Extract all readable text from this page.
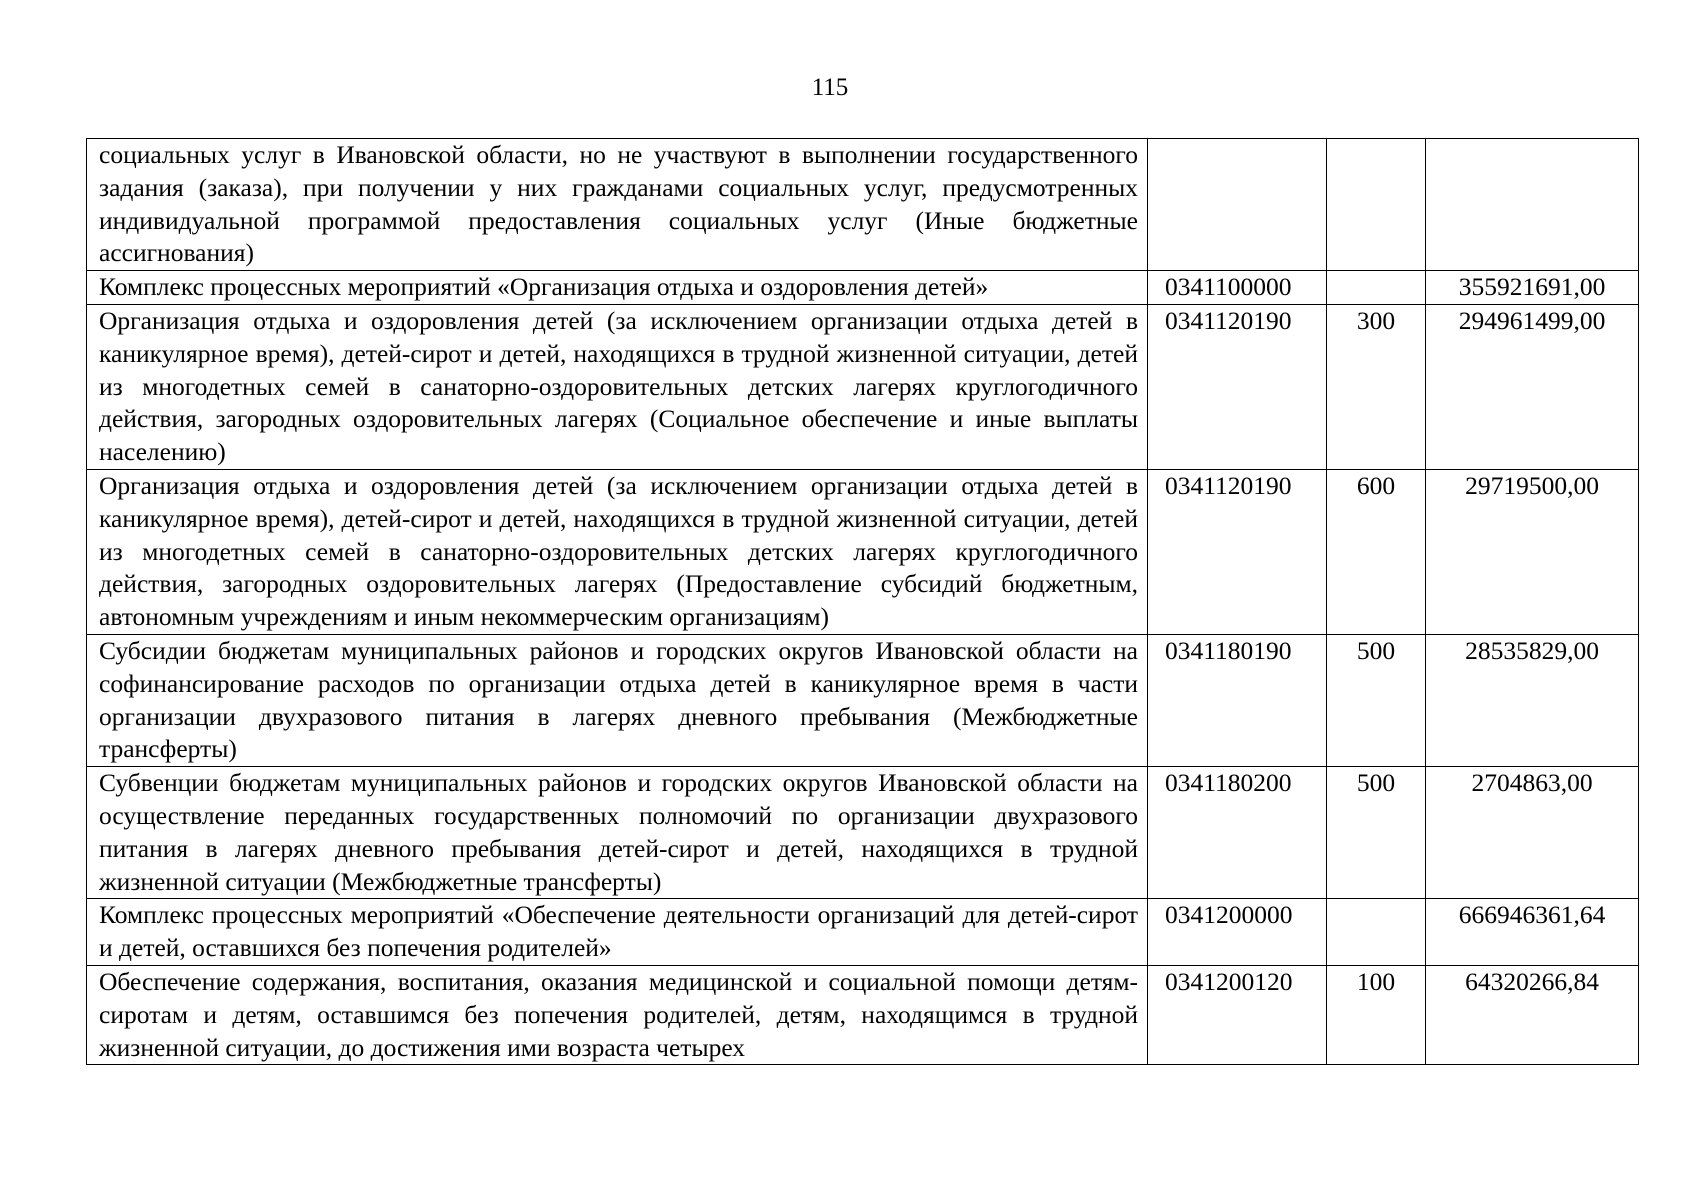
115
социальных услуг в Ивановской области, но не участвуют в выполнении государственного задания (заказа), при получении у них гражданами социальных услуг, предусмотренных индивидуальной программой предоставления социальных услуг (Иные бюджетные ассигнования)			
Комплекс процессных мероприятий «Организация отдыха и оздоровления детей»	0341100000		355921691,00
Организация отдыха и оздоровления детей (за исключением организации отдыха детей в каникулярное время), детей-сирот и детей, находящихся в трудной жизненной ситуации, детей из многодетных семей в санаторно-оздоровительных детских лагерях круглогодичного действия, загородных оздоровительных лагерях (Социальное обеспечение и иные выплаты населению)	0341120190	300	294961499,00
Организация отдыха и оздоровления детей (за исключением организации отдыха детей в каникулярное время), детей-сирот и детей, находящихся в трудной жизненной ситуации, детей из многодетных семей в санаторно-оздоровительных детских лагерях круглогодичного действия, загородных оздоровительных лагерях (Предоставление субсидий бюджетным, автономным учреждениям и иным некоммерческим организациям)	0341120190	600	29719500,00
Субсидии бюджетам муниципальных районов и городских округов Ивановской области на софинансирование расходов по организации отдыха детей в каникулярное время в части организации двухразового питания в лагерях дневного пребывания (Межбюджетные трансферты)	0341180190	500	28535829,00
Субвенции бюджетам муниципальных районов и городских округов Ивановской области на осуществление переданных государственных полномочий по организации двухразового питания в лагерях дневного пребывания детей-сирот и детей, находящихся в трудной жизненной ситуации (Межбюджетные трансферты)	0341180200	500	2704863,00
Комплекс процессных мероприятий «Обеспечение деятельности организаций для детей-сирот и детей, оставшихся без попечения родителей»	0341200000		666946361,64
Обеспечение содержания, воспитания, оказания медицинской и социальной помощи детям-сиротам и детям, оставшимся без попечения родителей, детям, находящимся в трудной жизненной ситуации, до достижения ими возраста четырех	0341200120	100	64320266,84
